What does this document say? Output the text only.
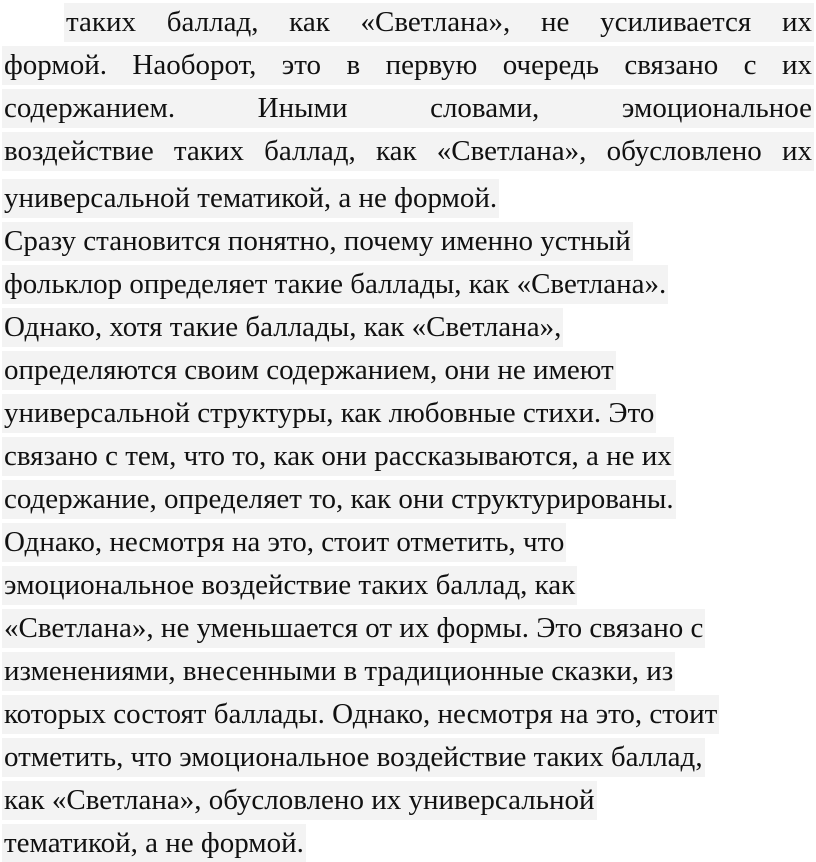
таких баллад, как «Светлана», не усиливается их
формой. Наоборот, это в первую очередь связано с их
содержанием. Иными словами, эмоциональное
воздействие таких баллад, как «Светлана», обусловлено их
универсальной тематикой, а не формой.
Сразу становится понятно, почему именно устный
фольклор определяет такие баллады, как «Светлана».
Однако, хотя такие баллады, как «Светлана»,
определяются своим содержанием, они не имеют
универсальной структуры, как любовные стихи. Это
связано с тем, что то, как они рассказываются, а не их
содержание, определяет то, как они структурированы.
Однако, несмотря на это, стоит отметить, что
эмоциональное воздействие таких баллад, как
«Светлана», не уменьшается от их формы. Это связано с
изменениями, внесенными в традиционные сказки, из
которых состоят баллады. Однако, несмотря на это, стоит
отметить, что эмоциональное воздействие таких баллад,
как «Светлана», обусловлено их универсальной
тематикой, а не формой.
